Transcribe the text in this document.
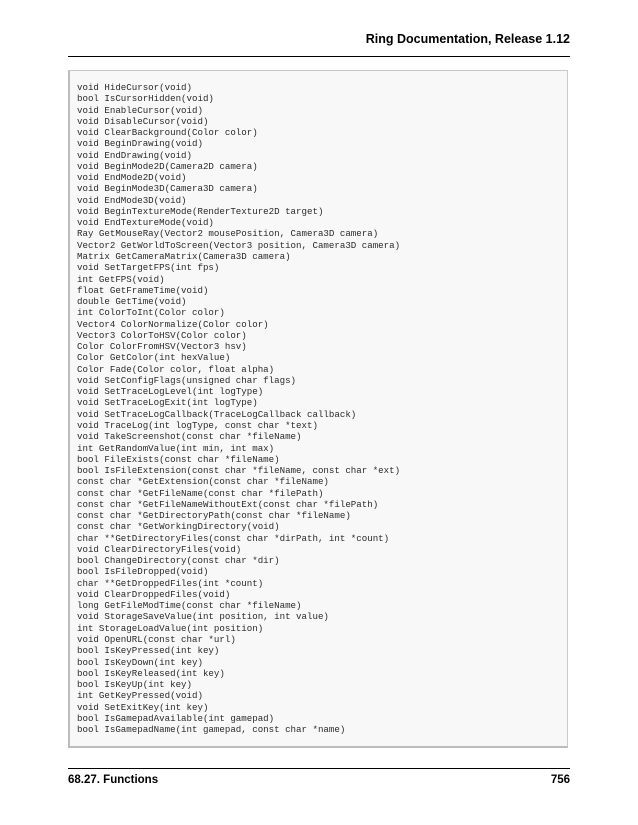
Ring Documentation, Release 1.12
void HideCursor(void)
bool IsCursorHidden(void)
void EnableCursor(void)
void DisableCursor(void)
void ClearBackground(Color color)
void BeginDrawing(void)
void EndDrawing(void)
void BeginMode2D(Camera2D camera)
void EndMode2D(void)
void BeginMode3D(Camera3D camera)
void EndMode3D(void)
void BeginTextureMode(RenderTexture2D target)
void EndTextureMode(void)
Ray GetMouseRay(Vector2 mousePosition, Camera3D camera)
Vector2 GetWorldToScreen(Vector3 position, Camera3D camera)
Matrix GetCameraMatrix(Camera3D camera)
void SetTargetFPS(int fps)
int GetFPS(void)
float GetFrameTime(void)
double GetTime(void)
int ColorToInt(Color color)
Vector4 ColorNormalize(Color color)
Vector3 ColorToHSV(Color color)
Color ColorFromHSV(Vector3 hsv)
Color GetColor(int hexValue)
Color Fade(Color color, float alpha)
void SetConfigFlags(unsigned char flags)
void SetTraceLogLevel(int logType)
void SetTraceLogExit(int logType)
void SetTraceLogCallback(TraceLogCallback callback)
void TraceLog(int logType, const char *text)
void TakeScreenshot(const char *fileName)
int GetRandomValue(int min, int max)
bool FileExists(const char *fileName)
bool IsFileExtension(const char *fileName, const char *ext)
const char *GetExtension(const char *fileName)
const char *GetFileName(const char *filePath)
const char *GetFileNameWithoutExt(const char *filePath)
const char *GetDirectoryPath(const char *fileName)
const char *GetWorkingDirectory(void)
char **GetDirectoryFiles(const char *dirPath, int *count)
void ClearDirectoryFiles(void)
bool ChangeDirectory(const char *dir)
bool IsFileDropped(void)
char **GetDroppedFiles(int *count)
void ClearDroppedFiles(void)
long GetFileModTime(const char *fileName)
void StorageSaveValue(int position, int value)
int StorageLoadValue(int position)
void OpenURL(const char *url)
bool IsKeyPressed(int key)
bool IsKeyDown(int key)
bool IsKeyReleased(int key)
bool IsKeyUp(int key)
int GetKeyPressed(void)
void SetExitKey(int key)
bool IsGamepadAvailable(int gamepad)
bool IsGamepadName(int gamepad, const char *name)
68.27. Functions	756
